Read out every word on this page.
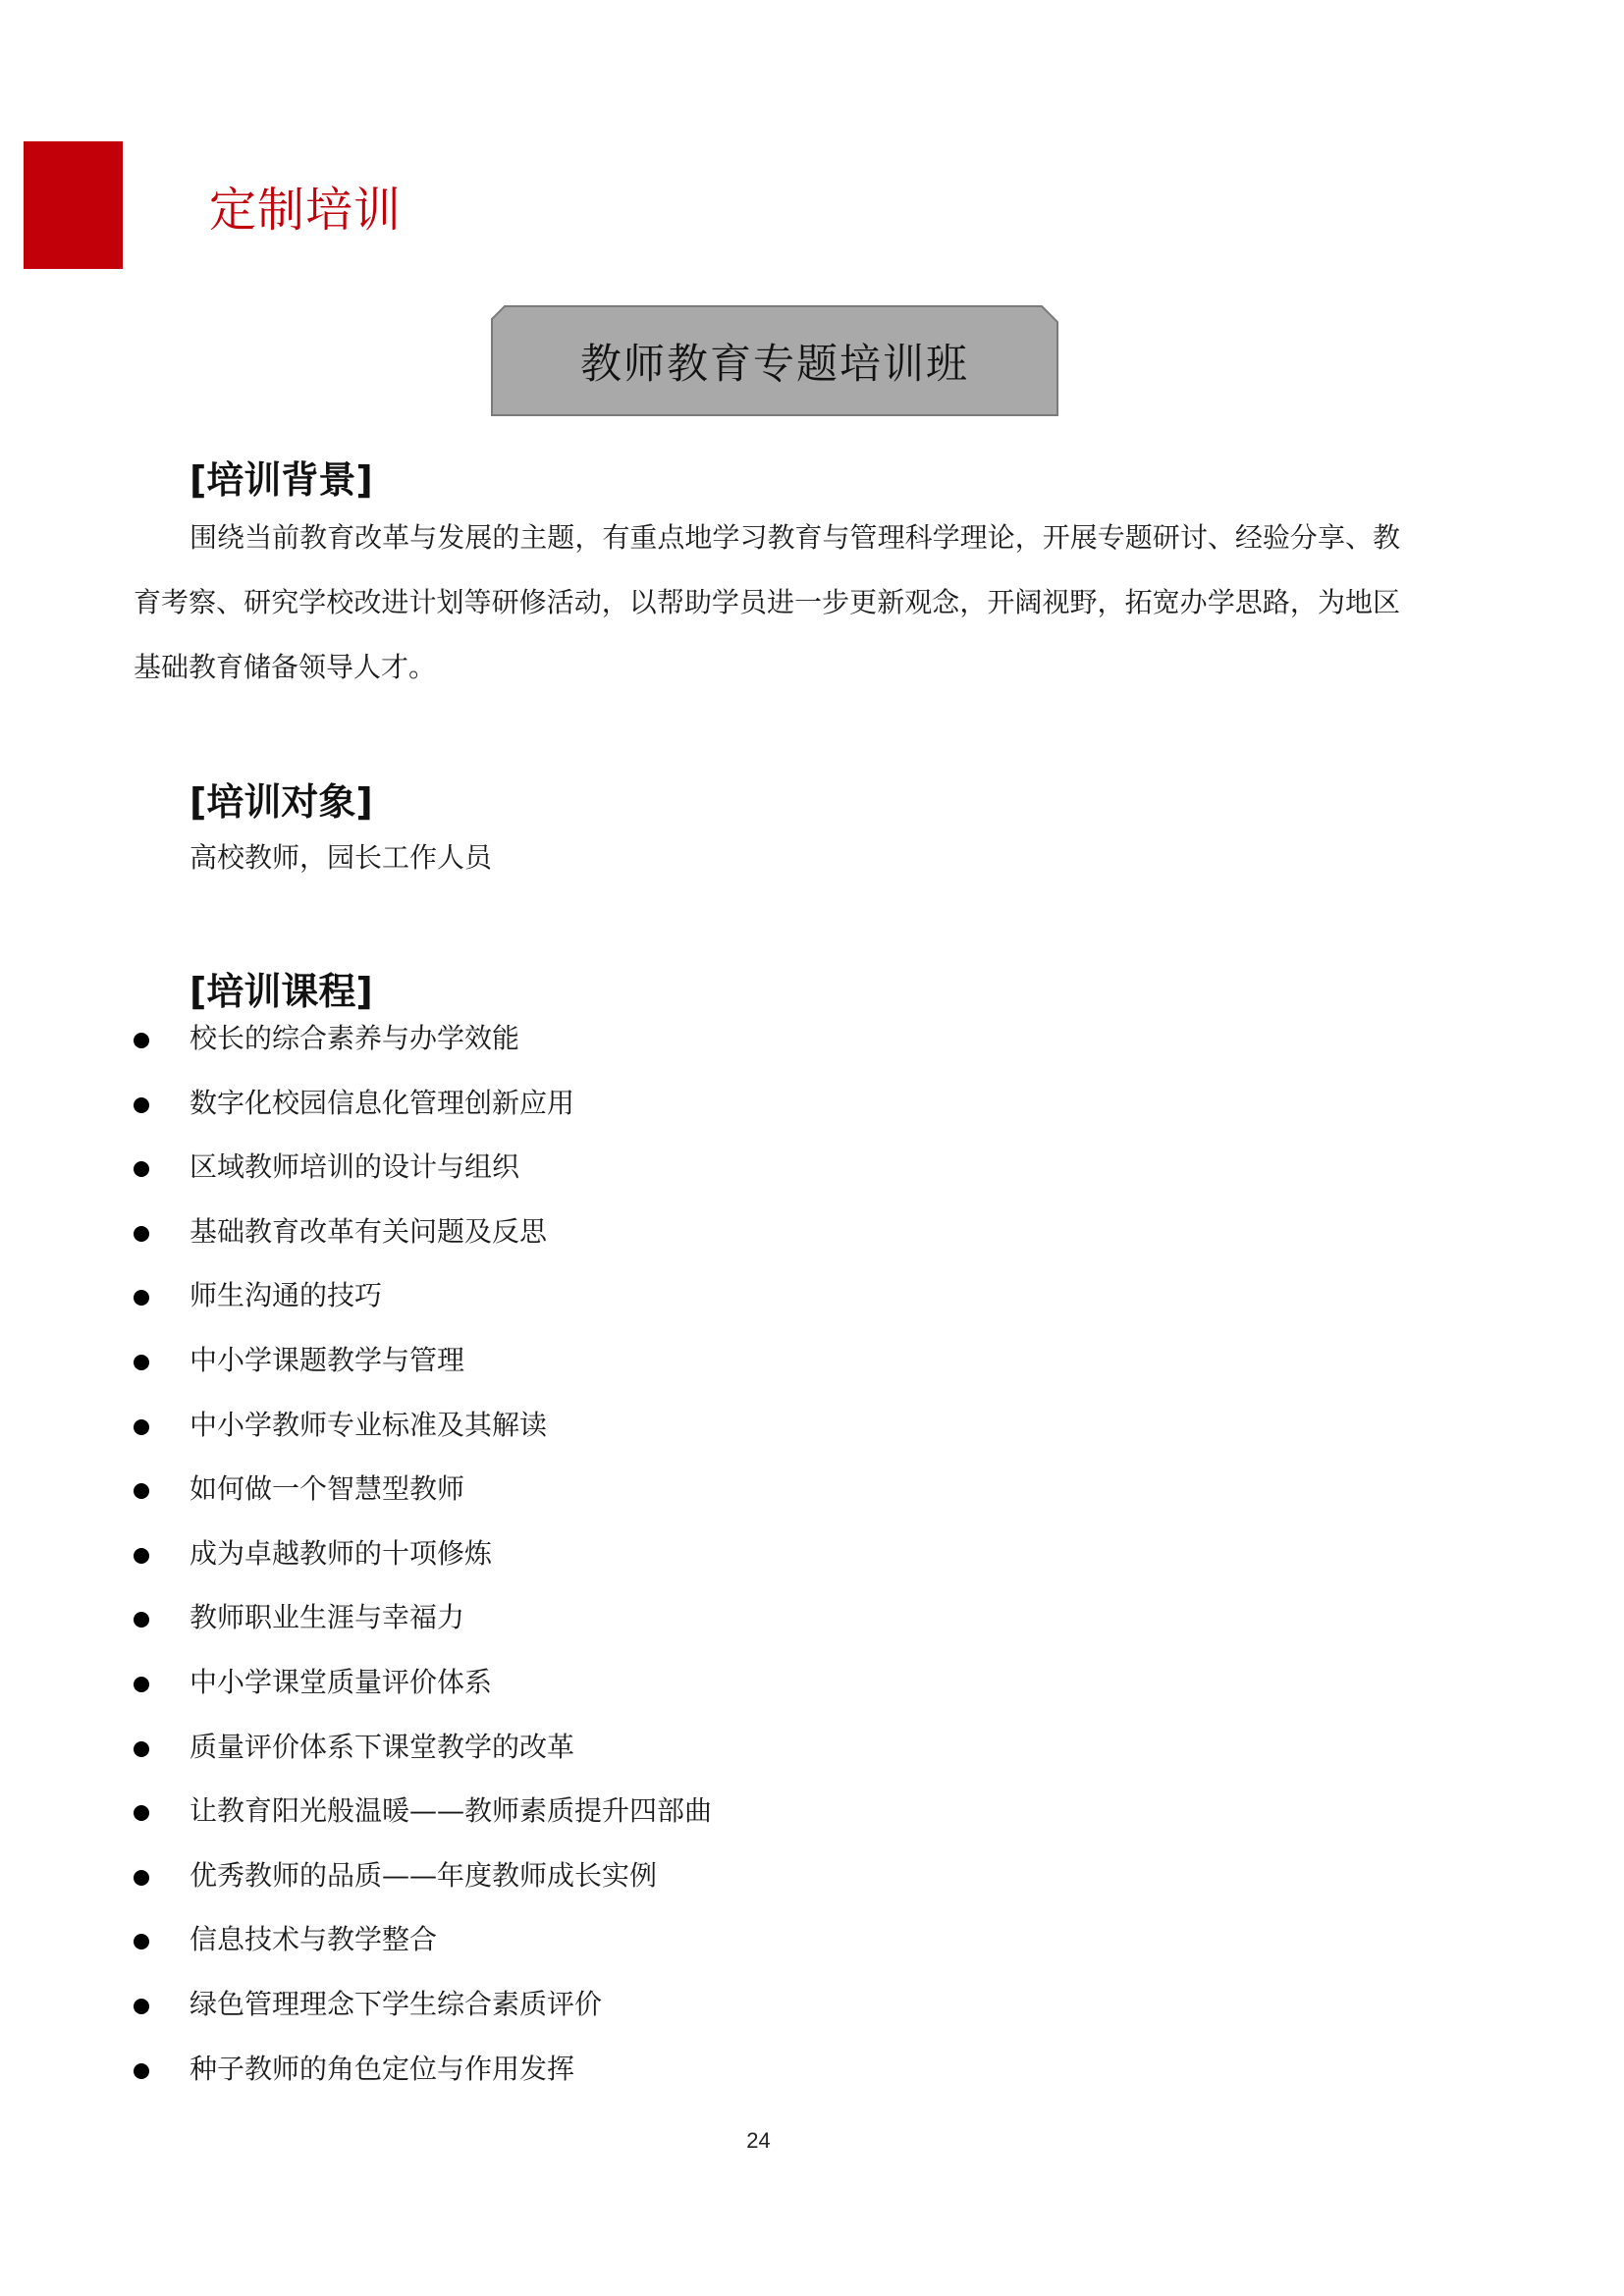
定制培训
教师教育专题培训班
[培训背景]
围绕当前教育改革与发展的主题，有重点地学习教育与管理科学理论，开展专题研讨、经验分享、教育考察、研究学校改进计划等研修活动，以帮助学员进一步更新观念，开阔视野，拓宽办学思路，为地区基础教育储备领导人才。
[培训对象]
高校教师，园长工作人员
[培训课程]
校长的综合素养与办学效能
数字化校园信息化管理创新应用
区域教师培训的设计与组织
基础教育改革有关问题及反思
师生沟通的技巧
中小学课题教学与管理
中小学教师专业标准及其解读
如何做一个智慧型教师
成为卓越教师的十项修炼
教师职业生涯与幸福力
中小学课堂质量评价体系
质量评价体系下课堂教学的改革
让教育阳光般温暖——教师素质提升四部曲
优秀教师的品质——年度教师成长实例
信息技术与教学整合
绿色管理理念下学生综合素质评价
种子教师的角色定位与作用发挥
24
